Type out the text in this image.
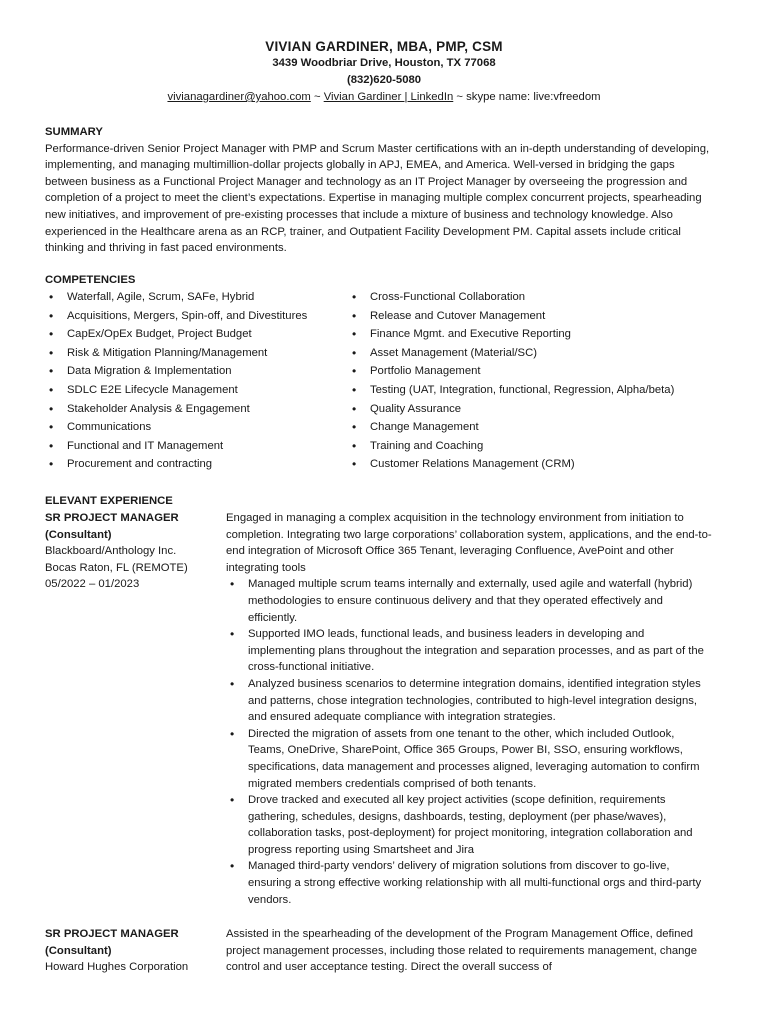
VIVIAN GARDINER, MBA, PMP, CSM
3439 Woodbriar Drive, Houston, TX 77068
(832)620-5080
vivianagardiner@yahoo.com ~ Vivian Gardiner | LinkedIn ~ skype name: live:vfreedom
SUMMARY

Performance-driven Senior Project Manager with PMP and Scrum Master certifications with an in-depth understanding of developing, implementing, and managing multimillion-dollar projects globally in APJ, EMEA, and America. Well-versed in bridging the gaps between business as a Functional Project Manager and technology as an IT Project Manager by overseeing the progression and completion of a project to meet the client’s expectations. Expertise in managing multiple complex concurrent projects, spearheading new initiatives, and improvement of pre-existing processes that include a mixture of business and technology knowledge. Also experienced in the Healthcare arena as an RCP, trainer, and Outpatient Facility Development PM. Capital assets include critical thinking and thriving in fast paced environments.

COMPETENCIES
• Waterfall, Agile, Scrum, SAFe, Hybrid
• Acquisitions, Mergers, Spin-off, and Divestitures
• CapEx/OpEx Budget, Project Budget
• Risk & Mitigation Planning/Management
• Data Migration & Implementation
• SDLC E2E Lifecycle Management
• Stakeholder Analysis & Engagement
• Communications
• Functional and IT Management
• Procurement and contracting
• Cross-Functional Collaboration
• Release and Cutover Management
• Finance Mgmt. and Executive Reporting
• Asset Management (Material/SC)
• Portfolio Management
• Testing (UAT, Integration, functional, Regression, Alpha/beta)
• Quality Assurance
• Change Management
• Training and Coaching
• Customer Relations Management (CRM)
ELEVANT EXPERIENCE
SR PROJECT MANAGER
(Consultant)
Blackboard/Anthology Inc.
Bocas Raton, FL (REMOTE)
05/2022 – 01/2023

Engaged in managing a complex acquisition in the technology environment from initiation to completion. Integrating two large corporations’ collaboration system, applications, and the end-to-end integration of Microsoft Office 365 Tenant, leveraging Confluence, AvePoint and other integrating tools

• Managed multiple scrum teams internally and externally, used agile and waterfall (hybrid) methodologies to ensure continuous delivery and that they operated effectively and efficiently.
• Supported IMO leads, functional leads, and business leaders in developing and implementing plans throughout the integration and separation processes, and as part of the cross-functional initiative.
• Analyzed business scenarios to determine integration domains, identified integration styles and patterns, chose integration technologies, contributed to high-level integration designs, and ensured adequate compliance with integration strategies.
• Directed the migration of assets from one tenant to the other, which included Outlook, Teams, OneDrive, SharePoint, Office 365 Groups, Power BI, SSO, ensuring workflows, specifications, data management and processes aligned, leveraging automation to confirm migrated members credentials comprised of both tenants.
• Drove tracked and executed all key project activities (scope definition, requirements gathering, schedules, designs, dashboards, testing, deployment (per phase/waves), collaboration tasks, post-deployment) for project monitoring, integration collaboration and progress reporting using Smartsheet and Jira
• Managed third-party vendors’ delivery of migration solutions from discover to go-live, ensuring a strong effective working relationship with all multi-functional orgs and third-party vendors.
SR PROJECT MANAGER
(Consultant)
Howard Hughes Corporation

Assisted in the spearheading of the development of the Program Management Office, defined project management processes, including those related to requirements management, change control and user acceptance testing. Direct the overall success of
